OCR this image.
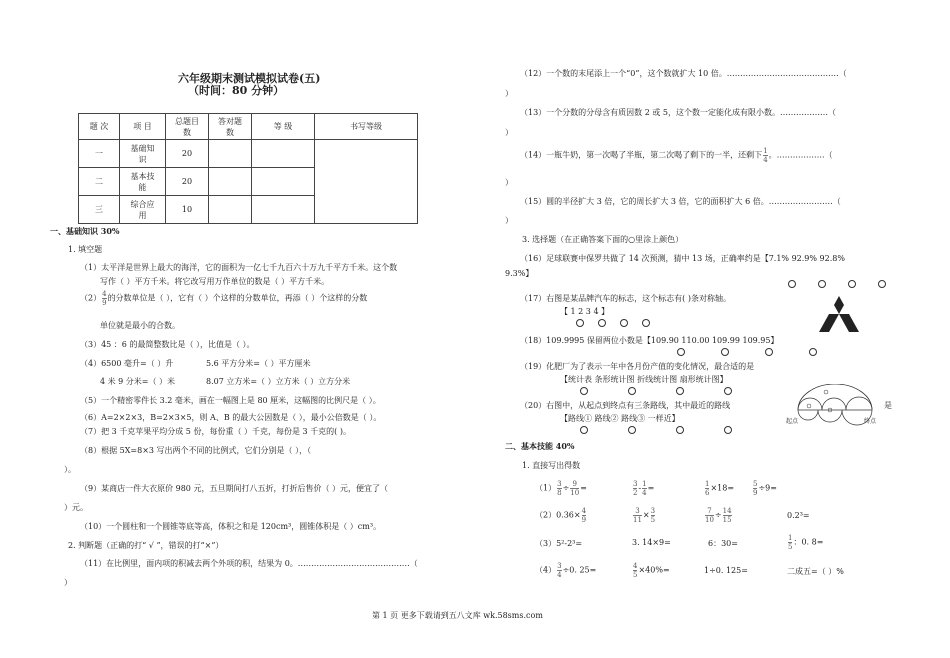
六年级期末测试模拟试卷(五)
（时间：80 分钟）
题 次	项 目	总题目数	答对题数	等 级	书写等级
一	基础知识	20			
二	基本技能	20			
三	综合应用	10			
一、基础知识 30%
1. 填空题
（1）太平洋是世界上最大的海洋，它的面积为一亿七千九百六十万九千平方千米。这个数
写作（ ）平方千米。将它改写用万作单位的数是（ ）平方千米。
$(2) \frac{4}{9}$ 的分数单位是（ ），它有（ ）个这样的分数单位，再添（ ）个这样的分数
单位就是最小的合数。
（3）45 ：6 的最简整数比是（ ），比值是（ ）。
（4）6500 毫升=（ ）升	5.6 平方分米=（ ）平方厘米
4 米 9 分米=（ ）米	8.07 立方米=（ ）立方米（ ）立方分米
（5）一个精密零件长 3.2 毫米，画在一幅图上是 80 厘米，这幅图的比例尺是（ ）。
（6）A=2×2×3，B=2×3×5，则 A、B 的最大公因数是（ ），最小公倍数是（ ）。
（7）把 3 千克苹果平均分成 5 份，每份重（ ）千克，每份是 3 千克的( )。
（8）根据 5X=8×3 写出两个不同的比例式，它们分别是（ ），（
）。
（9）某商店一件大衣原价 980 元，五旦期间打八五折，打折后售价（ ）元，便宜了（
）元。
（10）一个圆柱和一个圆锥等底等高，体积之和是 120cm³，圆锥体积是（ ）cm³。
2. 判断题（正确的打“ √ ”，错误的打“×”）
（11）在比例里，面内项的积减去两个外项的积，结果为 0。……………………………………（
）
（12）一个数的末尾添上一个“0”，这个数就扩大 10 倍。……………………………………（
）
（13）一个分数的分母含有质因数 2 或 5，这个数一定能化成有限小数。………………（
）
（14）一瓶牛奶，第一次喝了半瓶，第二次喝了剩下的一半，还剩下 $\frac{1}{4}$ 。………………（
）
（15）圆的半径扩大 3 倍，它的周长扩大 3 倍，它的面积扩大 6 倍。……………………（
）
3. 选择题（在正确答案下面的○里涂上颜色）
（16）足球联赛中保罗共做了 14 次预测，猜中 13 场，正确率约是【7.1% 92.9% 92.8%
9.3%】
（17）右图是某品牌汽车的标志，这个标志有( )条对称轴。
【 1 2 3 4 】
（18）109.9995 保留两位小数是【109.90 110.00 109.99 109.95】
（19）化肥厂为了表示一年中各月份产值的变化情况，最合适的是
【统计表 条形统计图 折线统计图 扇形统计图】
（20）右图中，从起点到终点有三条路线，其中最近的路线	是
【路线① 路线② 路线③ 一样近】	起点	终点
二、基本技能 40%
1. 直接写出得数
$(1) \frac{3}{8} \div \frac{9}{10}$ =	$\frac{3}{2} - \frac{1}{4}$ =	$\frac{1}{6} \times 18=$	$\frac{5}{9} \div 9=$
$(2)0.36\times \frac{4}{9}$	$\frac{3}{11} \times \frac{3}{5}$	$\frac{7}{10} \div \frac{14}{15}$	0.2³=
（3）5²-2³=	3. 14×9=	6：30=	$\frac{1}{5}$ ：0. 8=
$(4) \frac{3}{4} \div 0$. 25=	$\frac{4}{5} \times 40\%=$	1÷0. 125=	二成五=（ ）%
第 1 页 更多下载请到五八文库 wk.58sms.com
